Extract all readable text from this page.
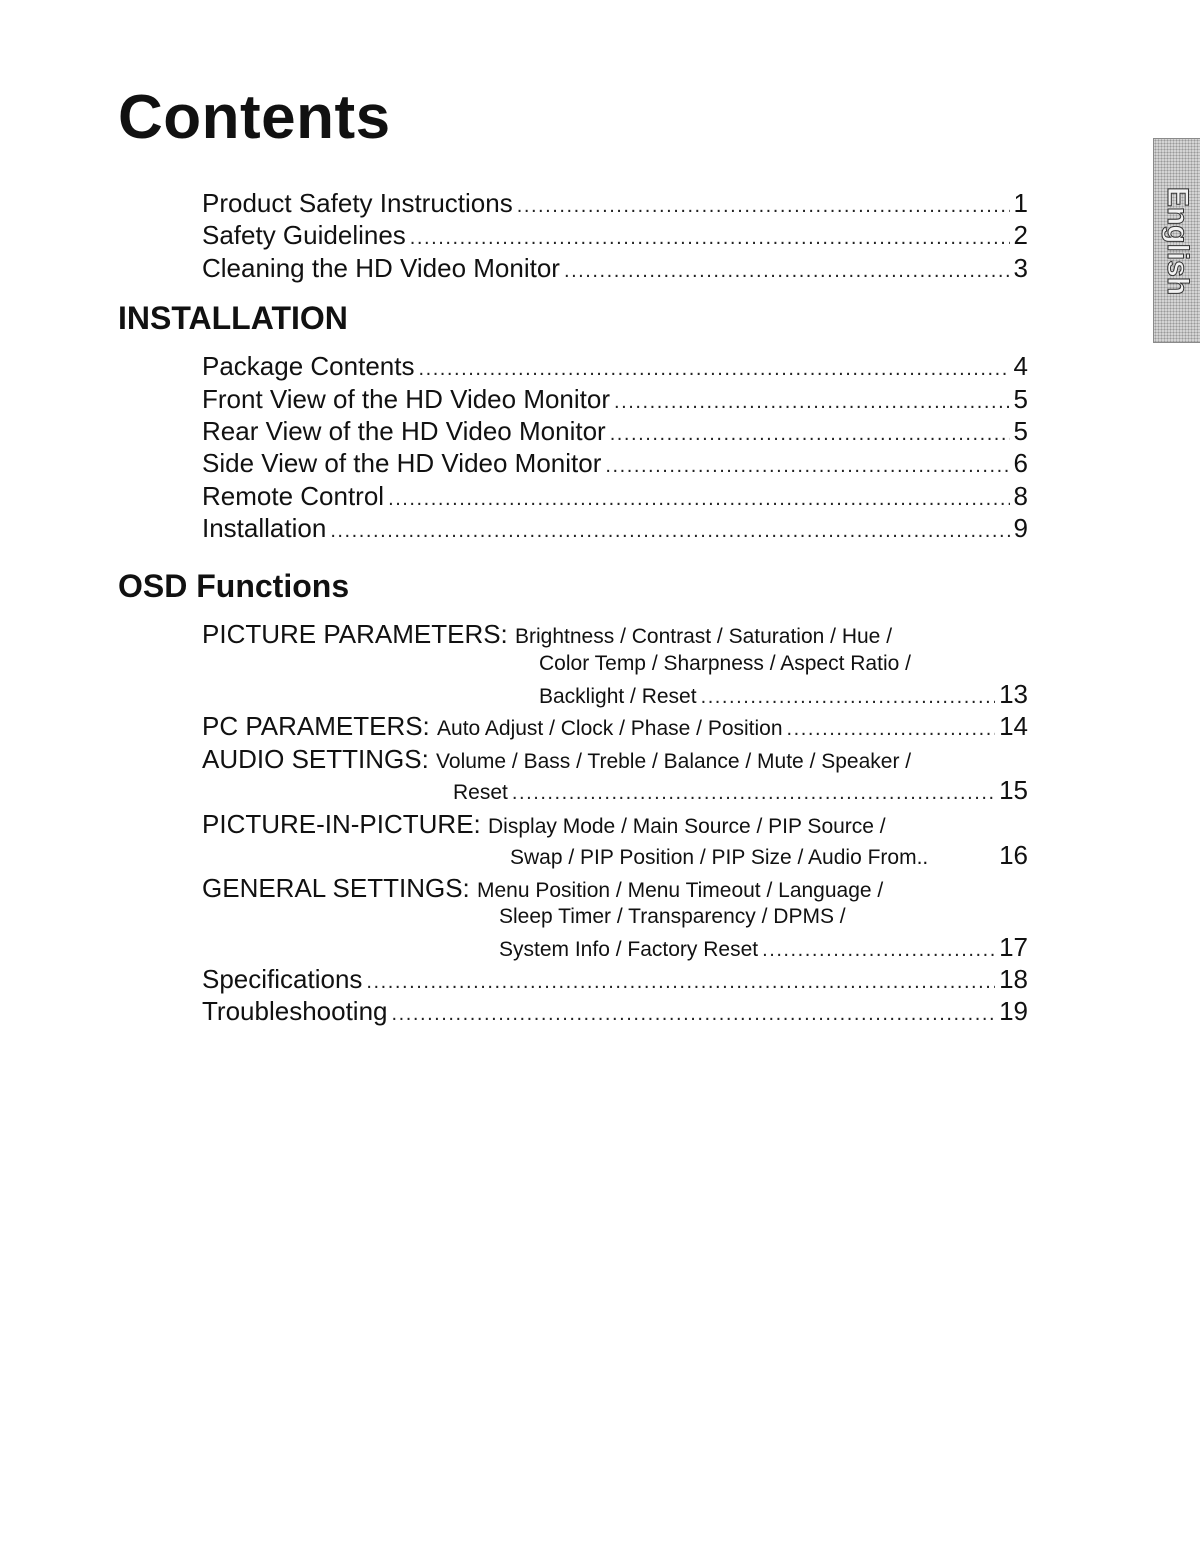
Contents
English
Product Safety Instructions . . .	1
Safety Guidelines . . .	2
Cleaning the HD Video Monitor . . .	3
INSTALLATION
Package Contents . . .	4
Front View of the HD Video Monitor . . .	5
Rear View of the HD Video Monitor . . .	5
Side View of the HD Video Monitor . . .	6
Remote Control . . .	8
Installation . . .	9
OSD Functions
PICTURE PARAMETERS: Brightness / Contrast / Saturation / Hue /
Color Temp / Sharpness / Aspect Ratio /
Backlight / Reset . . .	13
PC PARAMETERS: Auto Adjust / Clock / Phase / Position . . .	14
AUDIO SETTINGS: Volume / Bass / Treble / Balance / Mute / Speaker /
Reset . . .	15
PICTURE-IN-PICTURE: Display Mode / Main Source / PIP Source /
Swap / PIP Position / PIP Size / Audio From..	16
GENERAL SETTINGS: Menu Position / Menu Timeout / Language /
Sleep Timer / Transparency / DPMS /
System Info / Factory Reset . . .	17
Specifications . . .	18
Troubleshooting . . .	19
